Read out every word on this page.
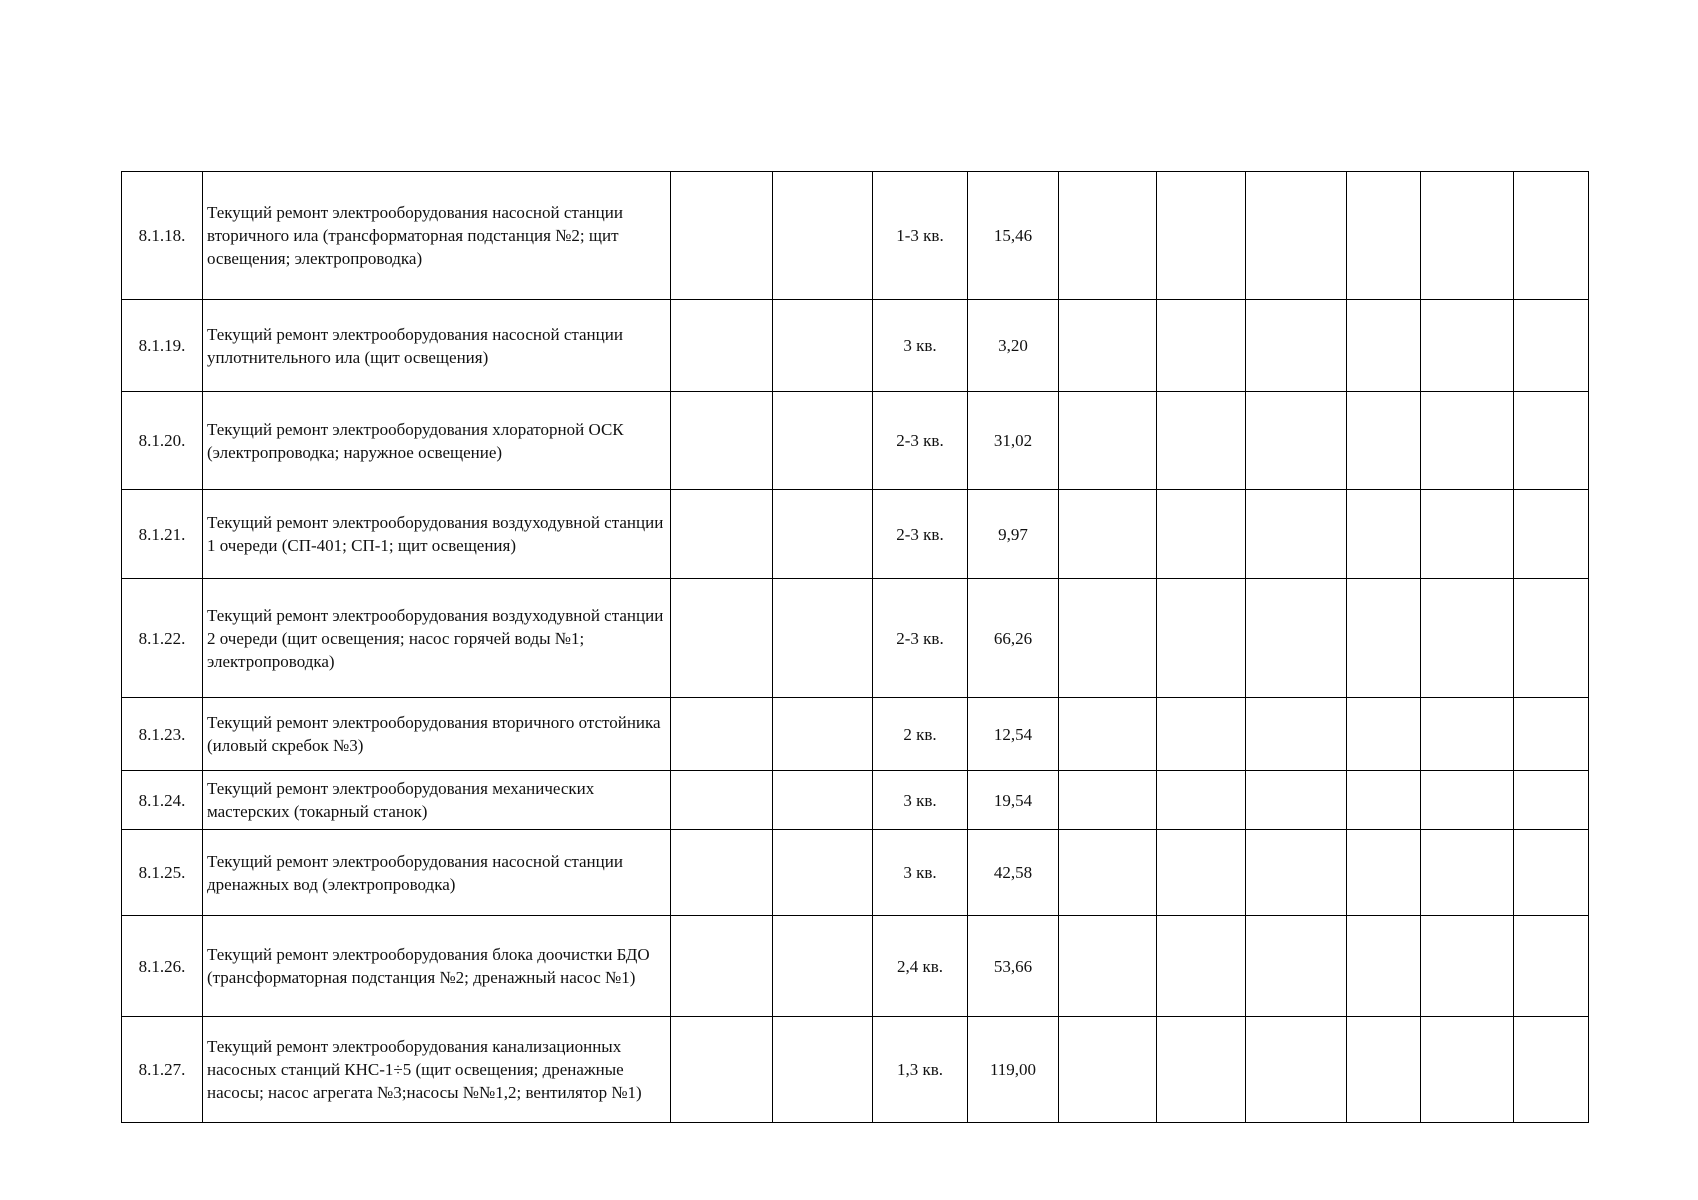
8.1.18.	Текущий ремонт электрооборудования насосной станции вторичного ила (трансформаторная подстанция №2; щит освещения; электропроводка)			1-3 кв.	15,46						
8.1.19.	Текущий ремонт электрооборудования насосной станции уплотнительного ила (щит освещения)			3 кв.	3,20						
8.1.20.	Текущий ремонт электрооборудования хлораторной ОСК (электропроводка; наружное освещение)			2-3 кв.	31,02						
8.1.21.	Текущий ремонт электрооборудования воздуходувной станции 1 очереди (СП-401; СП-1; щит освещения)			2-3 кв.	9,97						
8.1.22.	Текущий ремонт электрооборудования воздуходувной станции 2 очереди (щит освещения; насос горячей воды №1; электропроводка)			2-3 кв.	66,26						
8.1.23.	Текущий ремонт электрооборудования вторичного отстойника (иловый скребок №3)			2 кв.	12,54						
8.1.24.	Текущий ремонт электрооборудования механических мастерских (токарный станок)			3 кв.	19,54						
8.1.25.	Текущий ремонт электрооборудования насосной станции дренажных вод (электропроводка)			3 кв.	42,58						
8.1.26.	Текущий ремонт электрооборудования блока доочистки БДО (трансформаторная подстанция №2; дренажный насос №1)			2,4 кв.	53,66						
8.1.27.	Текущий ремонт электрооборудования канализационных насосных станций КНС-1÷5 (щит освещения; дренажные насосы; насос агрегата №3;насосы №№1,2; вентилятор №1)			1,3 кв.	119,00						
